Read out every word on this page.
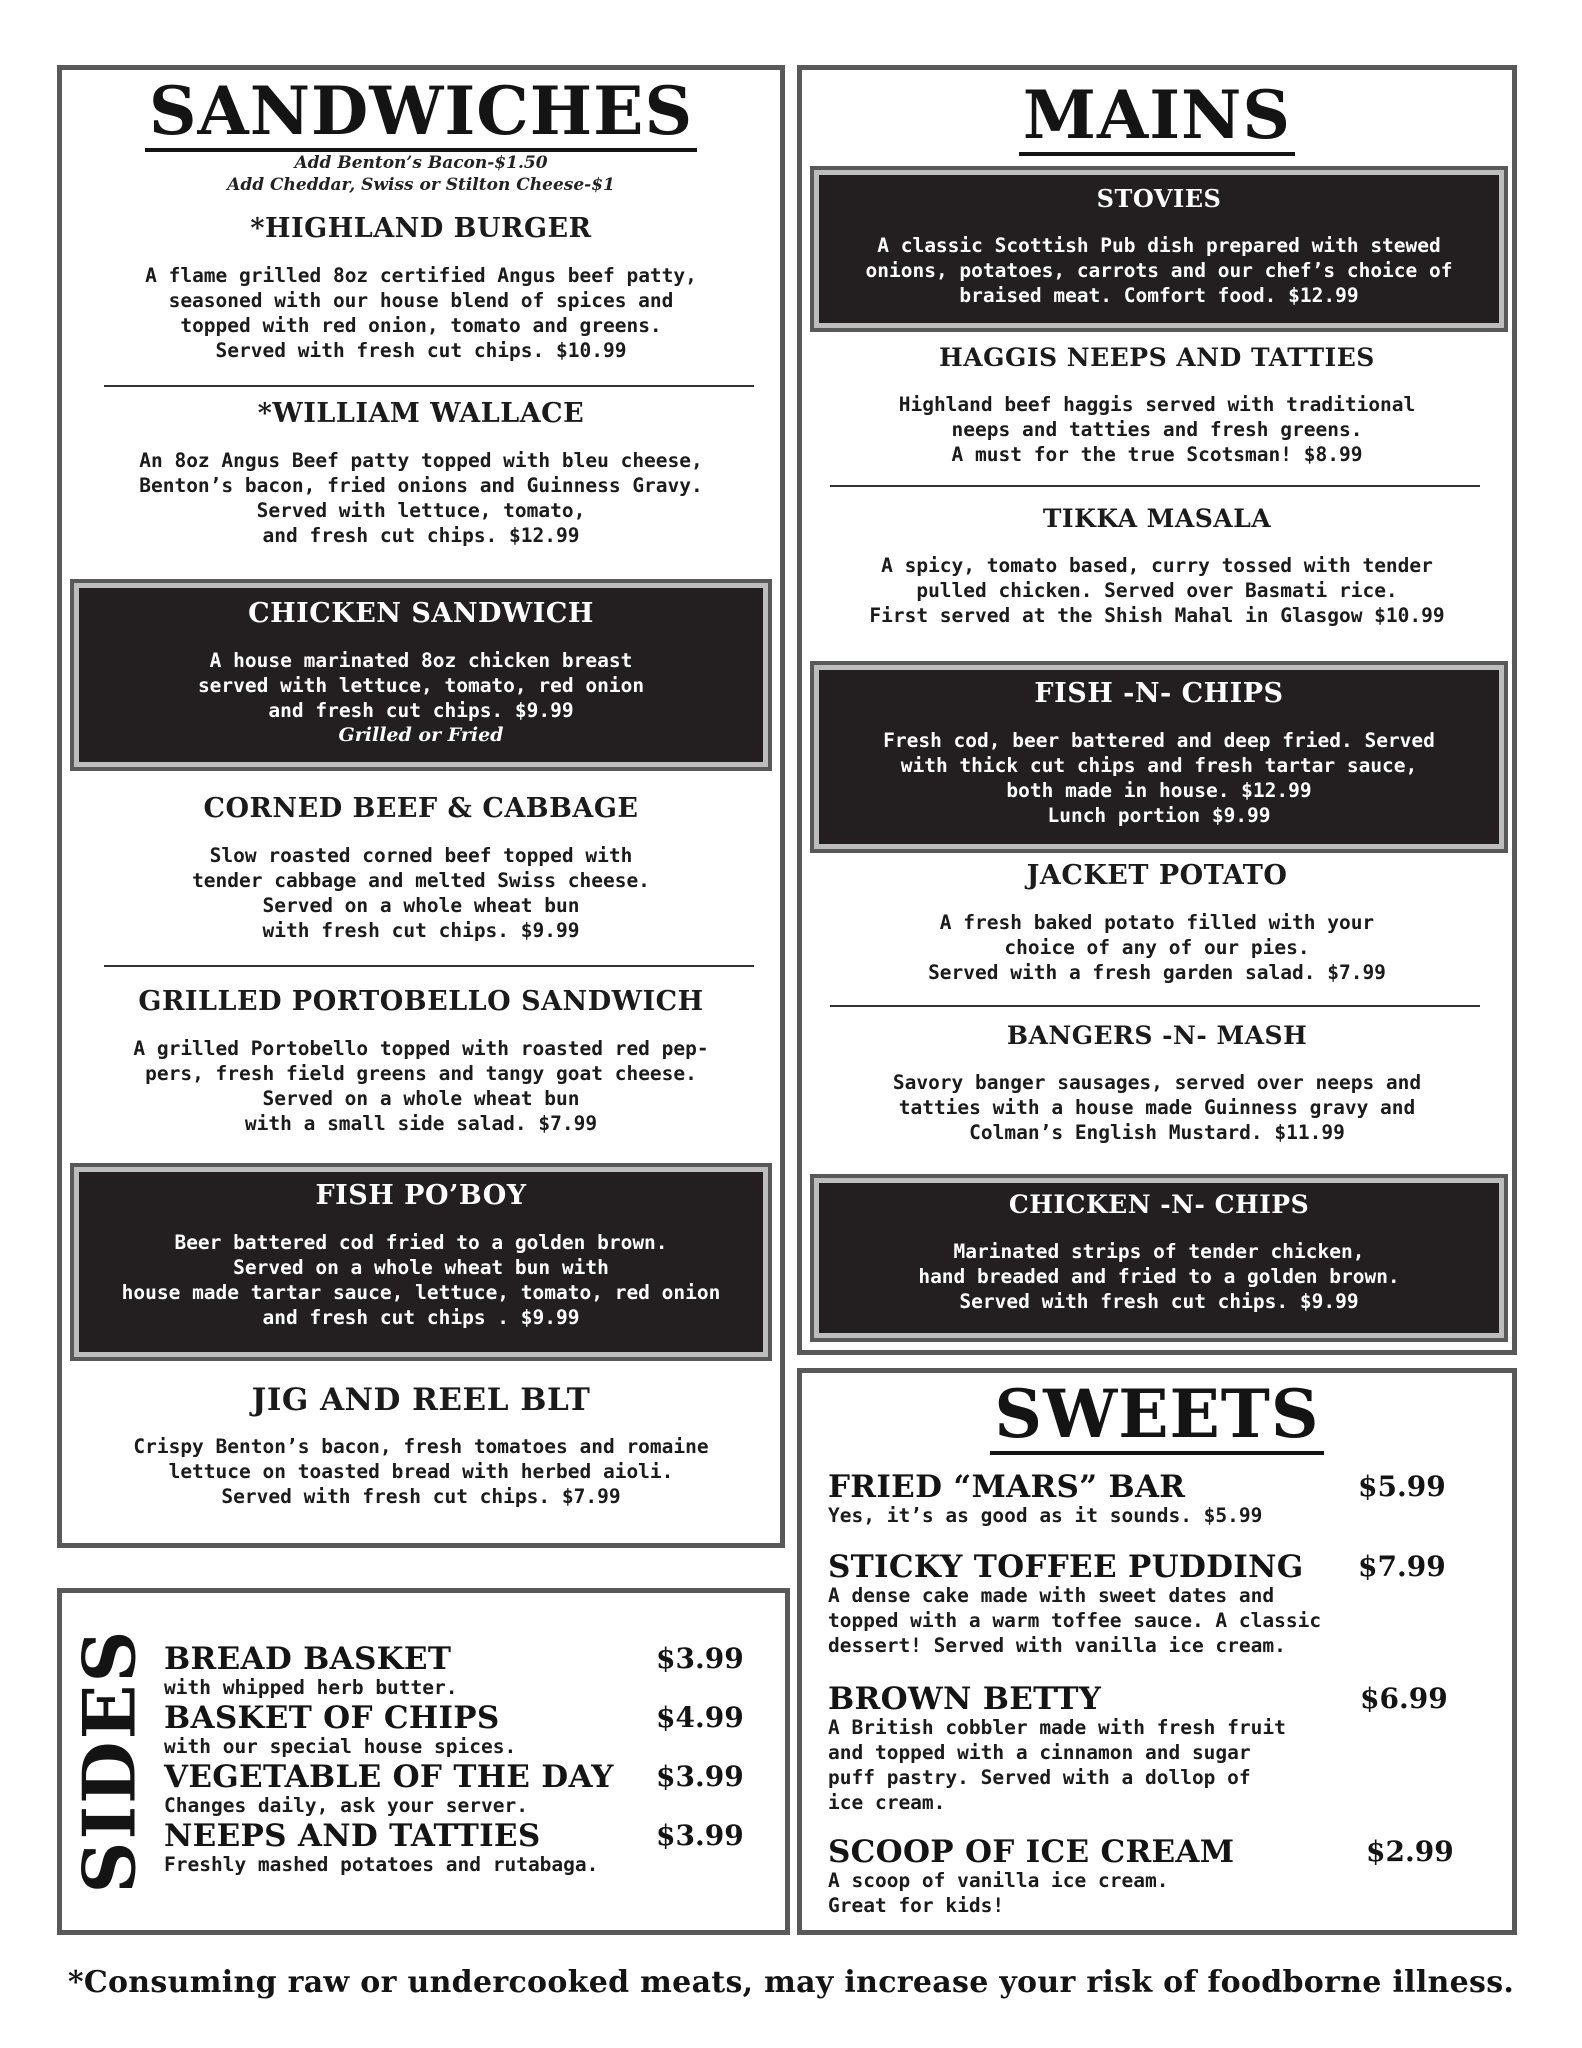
SANDWICHES
Add Benton’s Bacon-$1.50
Add Cheddar, Swiss or Stilton Cheese-$1
*HIGHLAND BURGER
A flame grilled 8oz certified Angus beef patty,
seasoned with our house blend of spices and
topped with red onion, tomato and greens.
Served with fresh cut chips. $10.99
*WILLIAM WALLACE
An 8oz Angus Beef patty topped with bleu cheese,
Benton’s bacon, fried onions and Guinness Gravy.
Served with lettuce, tomato,
and fresh cut chips. $12.99
CHICKEN SANDWICH
A house marinated 8oz chicken breast
served with lettuce, tomato, red onion
and fresh cut chips. $9.99
Grilled or Fried
CORNED BEEF & CABBAGE
Slow roasted corned beef topped with
tender cabbage and melted Swiss cheese.
Served on a whole wheat bun
with fresh cut chips. $9.99
GRILLED PORTOBELLO SANDWICH
A grilled Portobello topped with roasted red pep-
pers, fresh field greens and tangy goat cheese.
Served on a whole wheat bun
with a small side salad. $7.99
FISH PO’BOY
Beer battered cod fried to a golden brown.
Served on a whole wheat bun with
house made tartar sauce, lettuce, tomato, red onion
and fresh cut chips . $9.99
JIG AND REEL BLT
Crispy Benton’s bacon, fresh tomatoes and romaine
lettuce on toasted bread with herbed aioli.
Served with fresh cut chips. $7.99
MAINS
STOVIES
A classic Scottish Pub dish prepared with stewed
onions, potatoes, carrots and our chef’s choice of
braised meat. Comfort food. $12.99
HAGGIS NEEPS AND TATTIES
Highland beef haggis served with traditional
neeps and tatties and fresh greens.
A must for the true Scotsman! $8.99
TIKKA MASALA
A spicy, tomato based, curry tossed with tender
pulled chicken. Served over Basmati rice.
First served at the Shish Mahal in Glasgow $10.99
FISH -N- CHIPS
Fresh cod, beer battered and deep fried. Served
with thick cut chips and fresh tartar sauce,
both made in house. $12.99
Lunch portion $9.99
JACKET POTATO
A fresh baked potato filled with your
choice of any of our pies.
Served with a fresh garden salad. $7.99
BANGERS -N- MASH
Savory banger sausages, served over neeps and
tatties with a house made Guinness gravy and
Colman’s English Mustard. $11.99
CHICKEN -N- CHIPS
Marinated strips of tender chicken,
hand breaded and fried to a golden brown.
Served with fresh cut chips. $9.99
SIDES BREAD BASKET	$3.99
with whipped herb butter.
BASKET OF CHIPS	$4.99
with our special house spices.
VEGETABLE OF THE DAY	$3.99
Changes daily, ask your server.
NEEPS AND TATTIES	$3.99
Freshly mashed potatoes and rutabaga.
SWEETS
FRIED “MARS” BAR	$5.99
Yes, it’s as good as it sounds. $5.99
STICKY TOFFEE PUDDING	$7.99
A dense cake made with sweet dates and
topped with a warm toffee sauce. A classic
dessert! Served with vanilla ice cream.
BROWN BETTY	$6.99
A British cobbler made with fresh fruit
and topped with a cinnamon and sugar
puff pastry. Served with a dollop of
ice cream.
SCOOP OF ICE CREAM	$2.99
A scoop of vanilla ice cream.
Great for kids!
*Consuming raw or undercooked meats, may increase your risk of foodborne illness.
